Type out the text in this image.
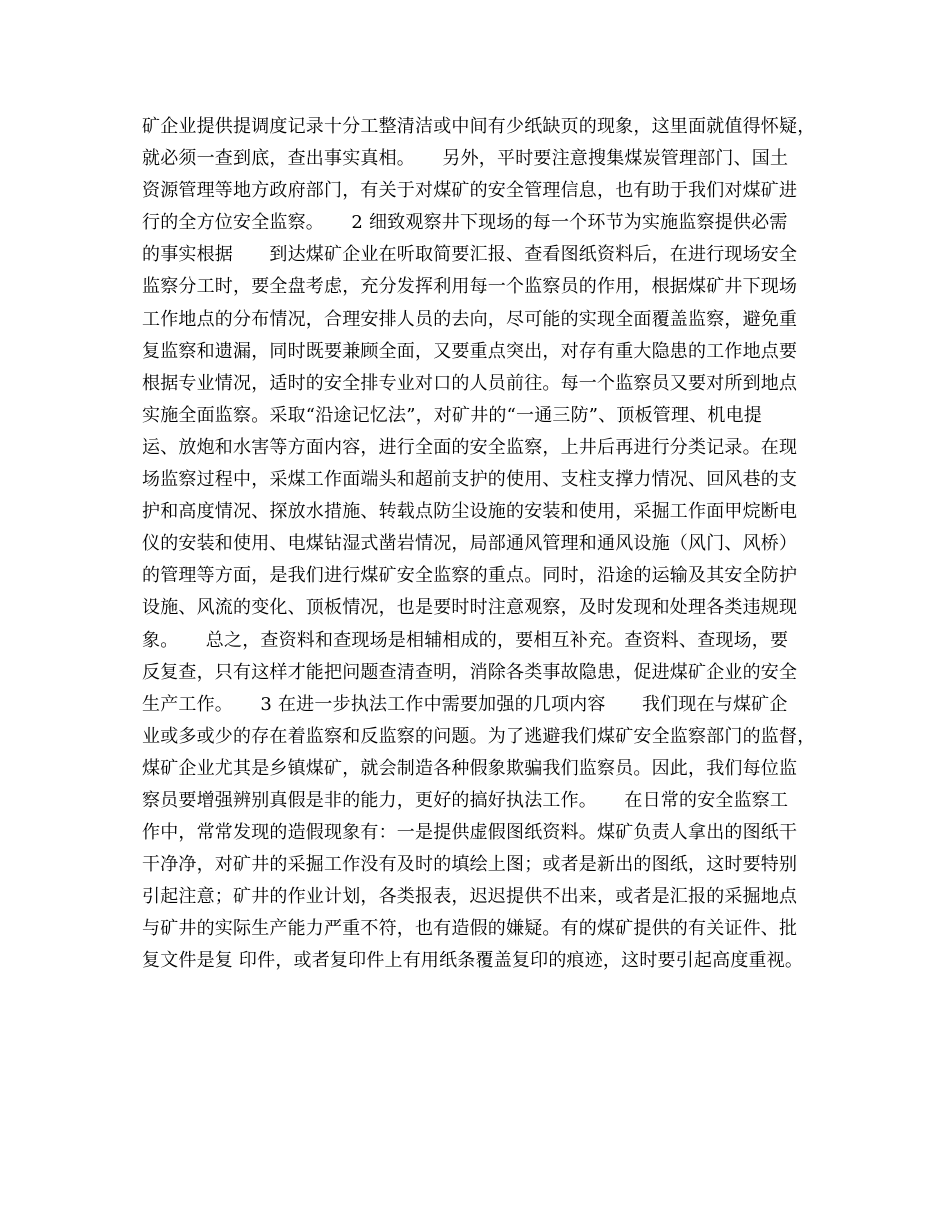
矿企业提供提调度记录十分工整清洁或中间有少纸缺页的现象，这里面就值得怀疑，
就必须一查到底，查出事实真相。　　另外，平时要注意搜集煤炭管理部门、国土
资源管理等地方政府部门，有关于对煤矿的安全管理信息，也有助于我们对煤矿进
行的全方位安全监察。　　2 细致观察井下现场的每一个环节为实施监察提供必需
的事实根据　　到达煤矿企业在听取简要汇报、查看图纸资料后，在进行现场安全
监察分工时，要全盘考虑，充分发挥利用每一个监察员的作用，根据煤矿井下现场
工作地点的分布情况，合理安排人员的去向，尽可能的实现全面覆盖监察，避免重
复监察和遗漏，同时既要兼顾全面，又要重点突出，对存有重大隐患的工作地点要
根据专业情况，适时的安全排专业对口的人员前往。每一个监察员又要对所到地点
实施全面监察。采取“沿途记忆法”，对矿井的“一通三防”、顶板管理、机电提
运、放炮和水害等方面内容，进行全面的安全监察，上井后再进行分类记录。在现
场监察过程中，采煤工作面端头和超前支护的使用、支柱支撑力情况、回风巷的支
护和高度情况、探放水措施、转载点防尘设施的安装和使用，采掘工作面甲烷断电
仪的安装和使用、电煤钻湿式凿岩情况，局部通风管理和通风设施（风门、风桥）
的管理等方面，是我们进行煤矿安全监察的重点。同时，沿途的运输及其安全防护
设施、风流的变化、顶板情况，也是要时时注意观察，及时发现和处理各类违规现
象。　　总之，查资料和查现场是相辅相成的，要相互补充。查资料、查现场，要
反复查，只有这样才能把问题查清查明，消除各类事故隐患，促进煤矿企业的安全
生产工作。　　3 在进一步执法工作中需要加强的几项内容　　我们现在与煤矿企
业或多或少的存在着监察和反监察的问题。为了逃避我们煤矿安全监察部门的监督，
煤矿企业尤其是乡镇煤矿，就会制造各种假象欺骗我们监察员。因此，我们每位监
察员要增强辨别真假是非的能力，更好的搞好执法工作。　　在日常的安全监察工
作中，常常发现的造假现象有：一是提供虚假图纸资料。煤矿负责人拿出的图纸干
干净净，对矿井的采掘工作没有及时的填绘上图；或者是新出的图纸，这时要特别
引起注意；矿井的作业计划，各类报表，迟迟提供不出来，或者是汇报的采掘地点
与矿井的实际生产能力严重不符，也有造假的嫌疑。有的煤矿提供的有关证件、批
复文件是复 印件，或者复印件上有用纸条覆盖复印的痕迹，这时要引起高度重视。
